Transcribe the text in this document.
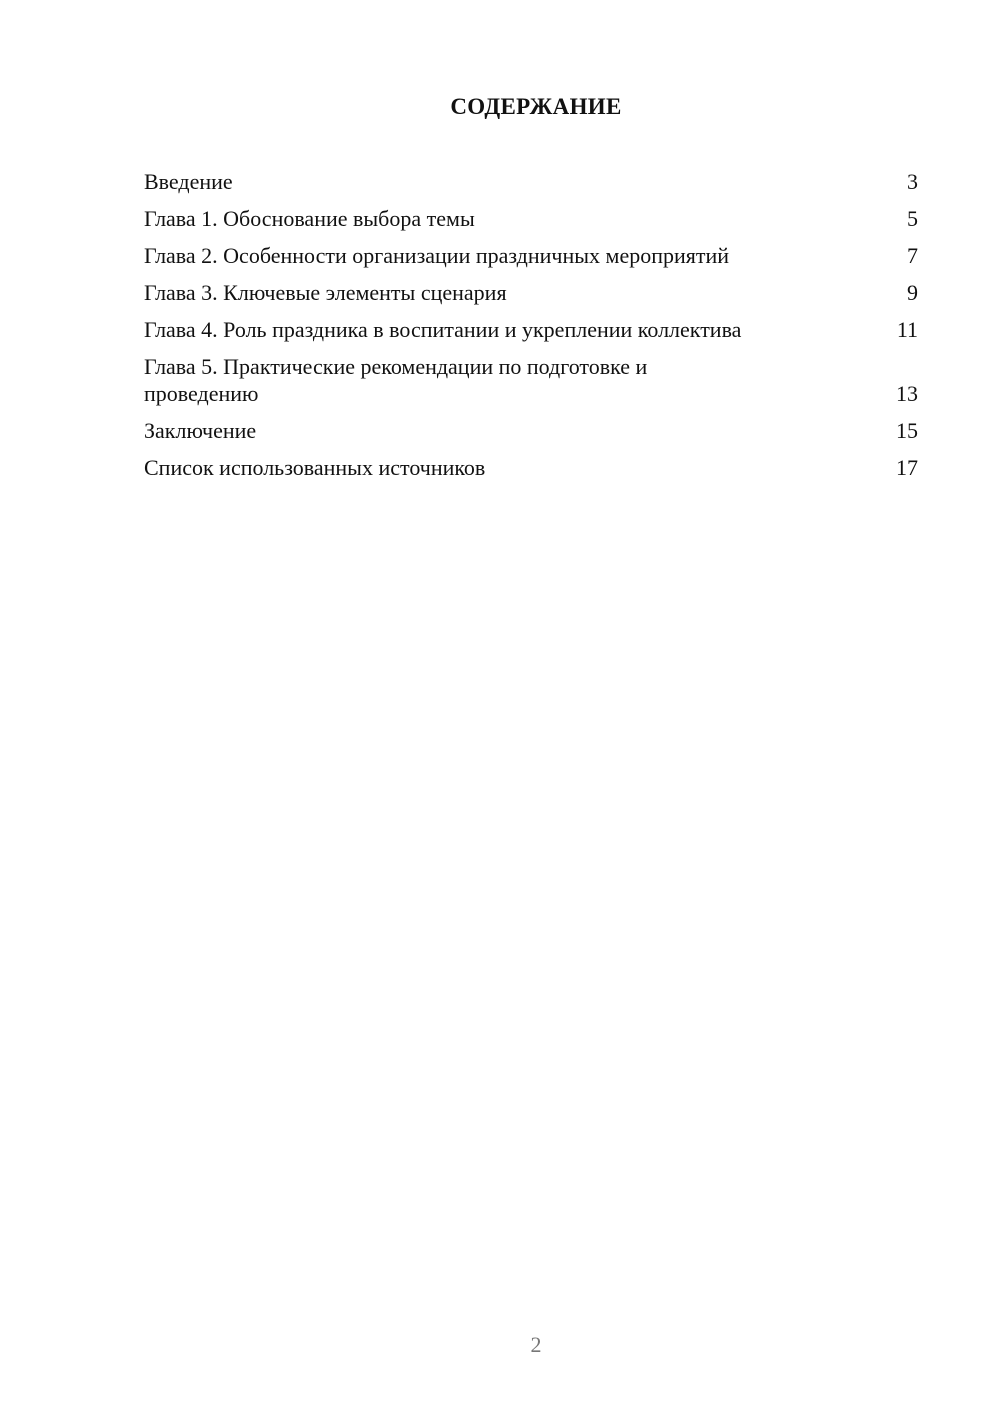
СОДЕРЖАНИЕ
Введение	3
Глава 1. Обоснование выбора темы	5
Глава 2. Особенности организации праздничных мероприятий	7
Глава 3. Ключевые элементы сценария	9
Глава 4. Роль праздника в воспитании и укреплении коллектива	11
Глава 5. Практические рекомендации по подготовке и проведению	13
Заключение	15
Список использованных источников	17
2
